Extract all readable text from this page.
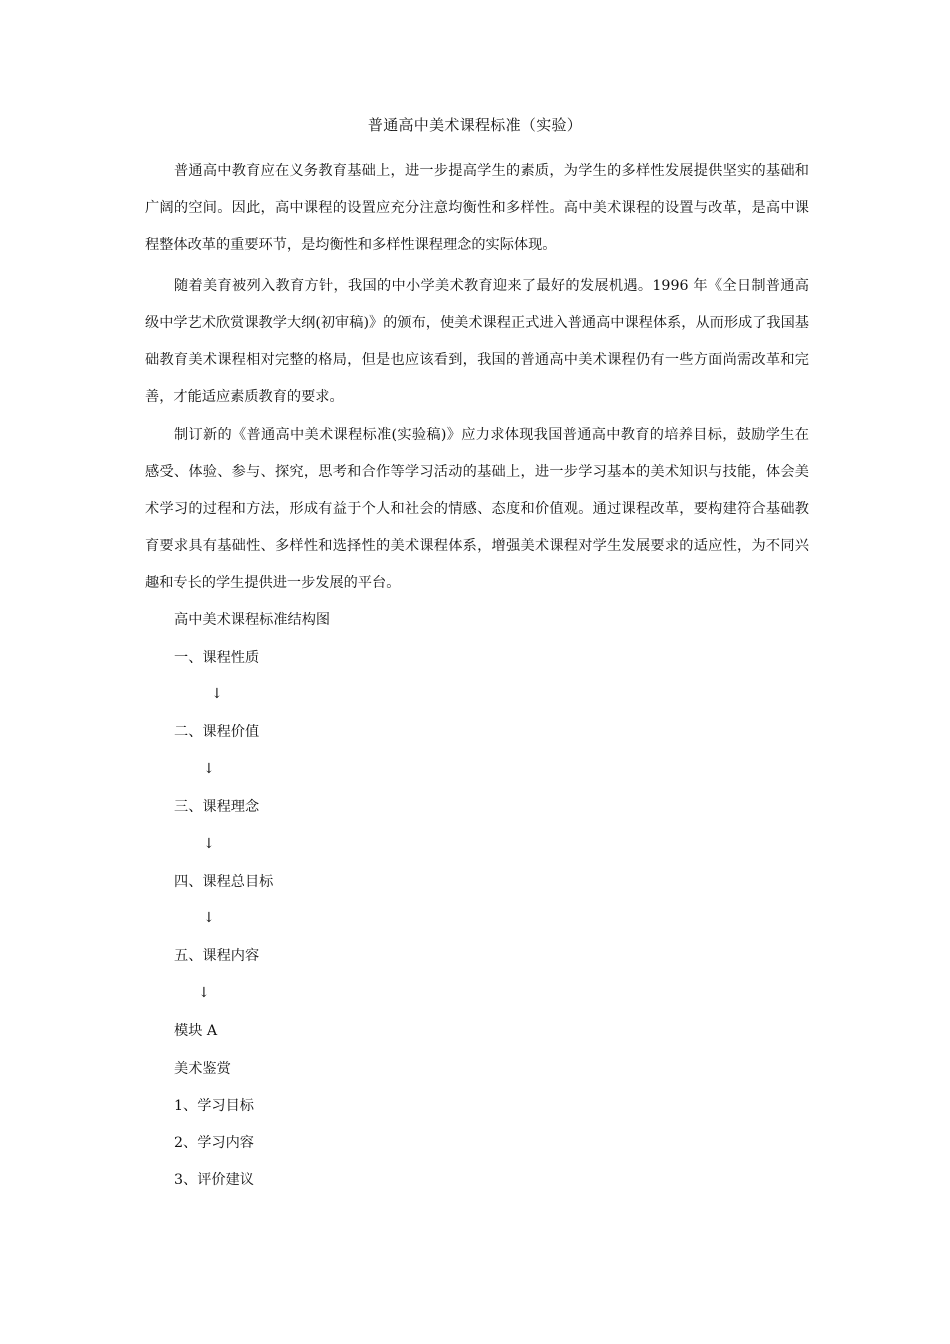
普通高中美术课程标准（实验）

普通高中教育应在义务教育基础上，进一步提高学生的素质，为学生的多样性发展提供坚实的基础和广阔的空间。因此，高中课程的设置应充分注意均衡性和多样性。高中美术课程的设置与改革，是高中课程整体改革的重要环节，是均衡性和多样性课程理念的实际体现。

随着美育被列入教育方针，我国的中小学美术教育迎来了最好的发展机遇。1996 年《全日制普通高级中学艺术欣赏课教学大纲(初审稿)》的颁布，使美术课程正式进入普通高中课程体系，从而形成了我国基础教育美术课程相对完整的格局，但是也应该看到，我国的普通高中美术课程仍有一些方面尚需改革和完善，才能适应素质教育的要求。

制订新的《普通高中美术课程标准(实验稿)》应力求体现我国普通高中教育的培养目标，鼓励学生在感受、体验、参与、探究，思考和合作等学习活动的基础上，进一步学习基本的美术知识与技能，体会美术学习的过程和方法，形成有益于个人和社会的情感、态度和价值观。通过课程改革，要构建符合基础教育要求具有基础性、多样性和选择性的美术课程体系，增强美术课程对学生发展要求的适应性，为不同兴趣和专长的学生提供进一步发展的平台。

高中美术课程标准结构图
一、课程性质
↓
二、课程价值
↓
三、课程理念
↓
四、课程总目标
↓
五、课程内容
↓
模块 A
美术鉴赏
1、学习目标
2、学习内容
3、评价建议
